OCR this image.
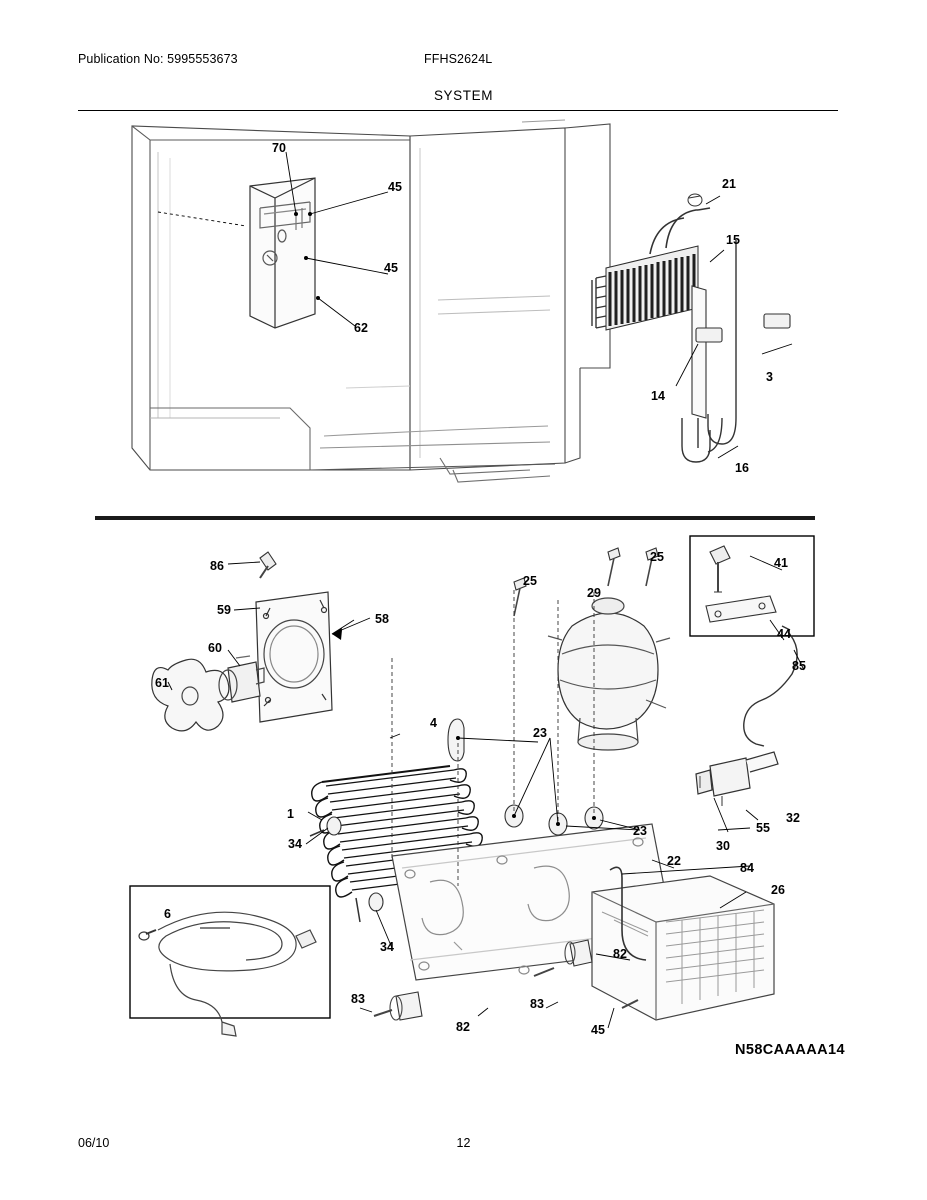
Publication No: 5995553673	FFHS2624L
SYSTEM
70
45
45
62
21
15
3
14
16
86
59
58
60
61
25
29
25	41
44
85
4
23
23
32
55
30
1
34
34
22	84
26
6
82
83	83
82	45
N58CAAAAA14
06/10	12
